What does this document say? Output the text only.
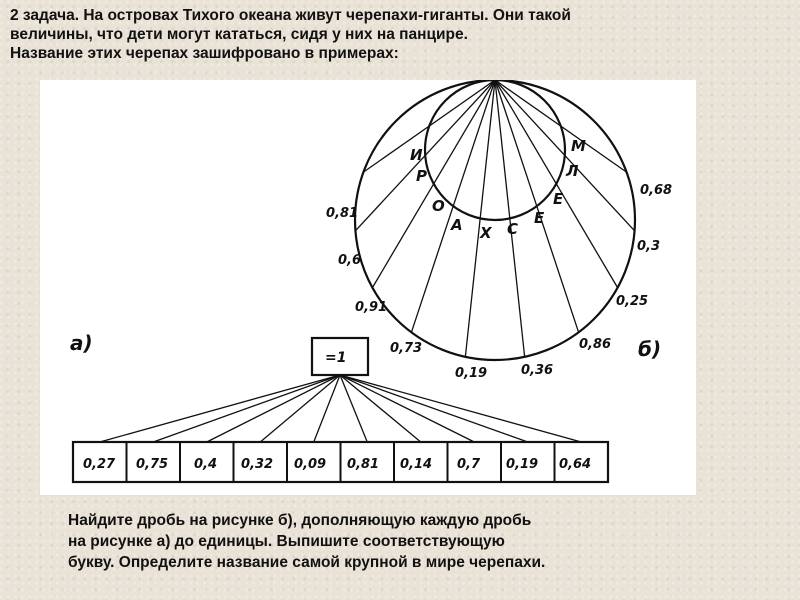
2 задача. На островах Тихого океана живут черепахи-гиганты. Они такой
величины, что дети могут кататься, сидя у них на панцире.
Название этих черепах зашифровано в примерах:
б)
И
Р
О
А Х С
Е
Е
Л
М
0,81
0,6
0,91
0,73
0,19	0,36
0,86
0,25
0,3
0,68
а)
=1
0,27 0,75 0,4 0,32 0,09 0,81 0,14 0,7 0,19 0,64
Найдите дробь на рисунке б), дополняющую каждую дробь
на рисунке а) до единицы. Выпишите соответствующую
букву. Определите название самой крупной в мире черепахи.
